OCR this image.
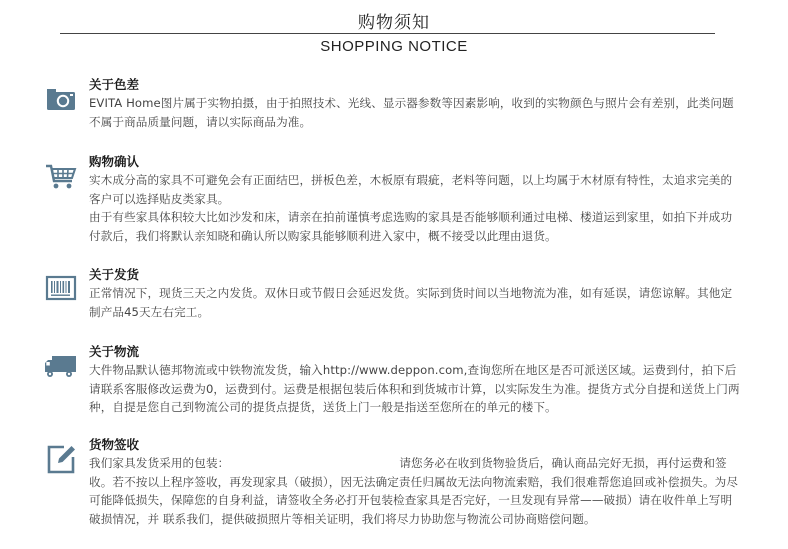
购物须知
SHOPPING NOTICE

关于色差

EVITA Home图片属于实物拍摄，由于拍照技术、光线、显示器参数等因素影响，收到的实物颜色与照片会有差别，此类问题不属于商品质量问题，请以实际商品为准。

购物确认

实木成分高的家具不可避免会有正面结巴，拼板色差，木板原有瑕疵，老料等问题，以上均属于木材原有特性，太追求完美的客户可以选择贴皮类家具。

由于有些家具体积较大比如沙发和床，请亲在拍前谨慎考虑选购的家具是否能够顺利通过电梯、楼道运到家里，如拍下并成功付款后，我们将默认亲知晓和确认所以购家具能够顺利进入家中，概不接受以此理由退货。

关于发货

正常情况下，现货三天之内发货。双休日或节假日会延迟发货。实际到货时间以当地物流为准，如有延误，请您谅解。其他定制产品45天左右完工。

关于物流

大件物品默认德邦物流或中铁物流发货，输入http://www.deppon.com,查询您所在地区是否可派送区域。运费到付，拍下后请联系客服修改运费为0，运费到付。运费是根据包装后体积和到货城市计算，以实际发生为准。提货方式分自提和送货上门两种，自提是您自己到物流公司的提货点提货，送货上门一般是指送至您所在的单元的楼下。

货物签收

我们家具发货采用的包装：	请您务必在收到货物验货后，确认商品完好无损，再付运费和签收。若不按以上程序签收，再发现家具（破损），因无法确定责任归属故无法向物流索赔，我们很难帮您追回或补偿损失。为尽可能降低损失，保障您的自身利益，请签收全务必打开包装检查家具是否完好，一旦发现有异常——破损）请在收件单上写明破损情况，并 联系我们，提供破损照片等相关证明，我们将尽力协助您与物流公司协商赔偿问题。
